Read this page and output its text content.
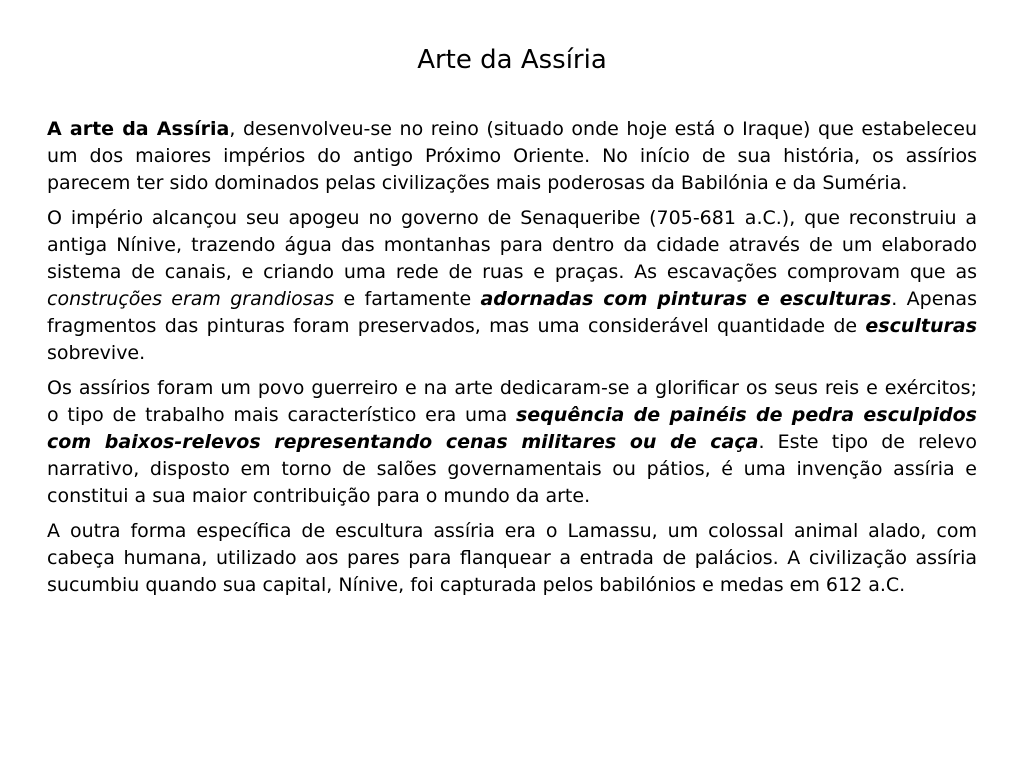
Arte da Assíria

A arte da Assíria, desenvolveu-se no reino (situado onde hoje está o Iraque) que estabeleceu um dos maiores impérios do antigo Próximo Oriente. No início de sua história, os assírios parecem ter sido dominados pelas civilizações mais poderosas da Babilónia e da Suméria.

O império alcançou seu apogeu no governo de Senaqueribe (705-681 a.C.), que reconstruiu a antiga Nínive, trazendo água das montanhas para dentro da cidade através de um elaborado sistema de canais, e criando uma rede de ruas e praças. As escavações comprovam que as construções eram grandiosas e fartamente adornadas com pinturas e esculturas. Apenas fragmentos das pinturas foram preservados, mas uma considerável quantidade de esculturas sobrevive.

Os assírios foram um povo guerreiro e na arte dedicaram-se a glorificar os seus reis e exércitos; o tipo de trabalho mais característico era uma sequência de painéis de pedra esculpidos com baixos-relevos representando cenas militares ou de caça. Este tipo de relevo narrativo, disposto em torno de salões governamentais ou pátios, é uma invenção assíria e constitui a sua maior contribuição para o mundo da arte.

A outra forma específica de escultura assíria era o Lamassu, um colossal animal alado, com cabeça humana, utilizado aos pares para flanquear a entrada de palácios. A civilização assíria sucumbiu quando sua capital, Nínive, foi capturada pelos babilónios e medas em 612 a.C.
